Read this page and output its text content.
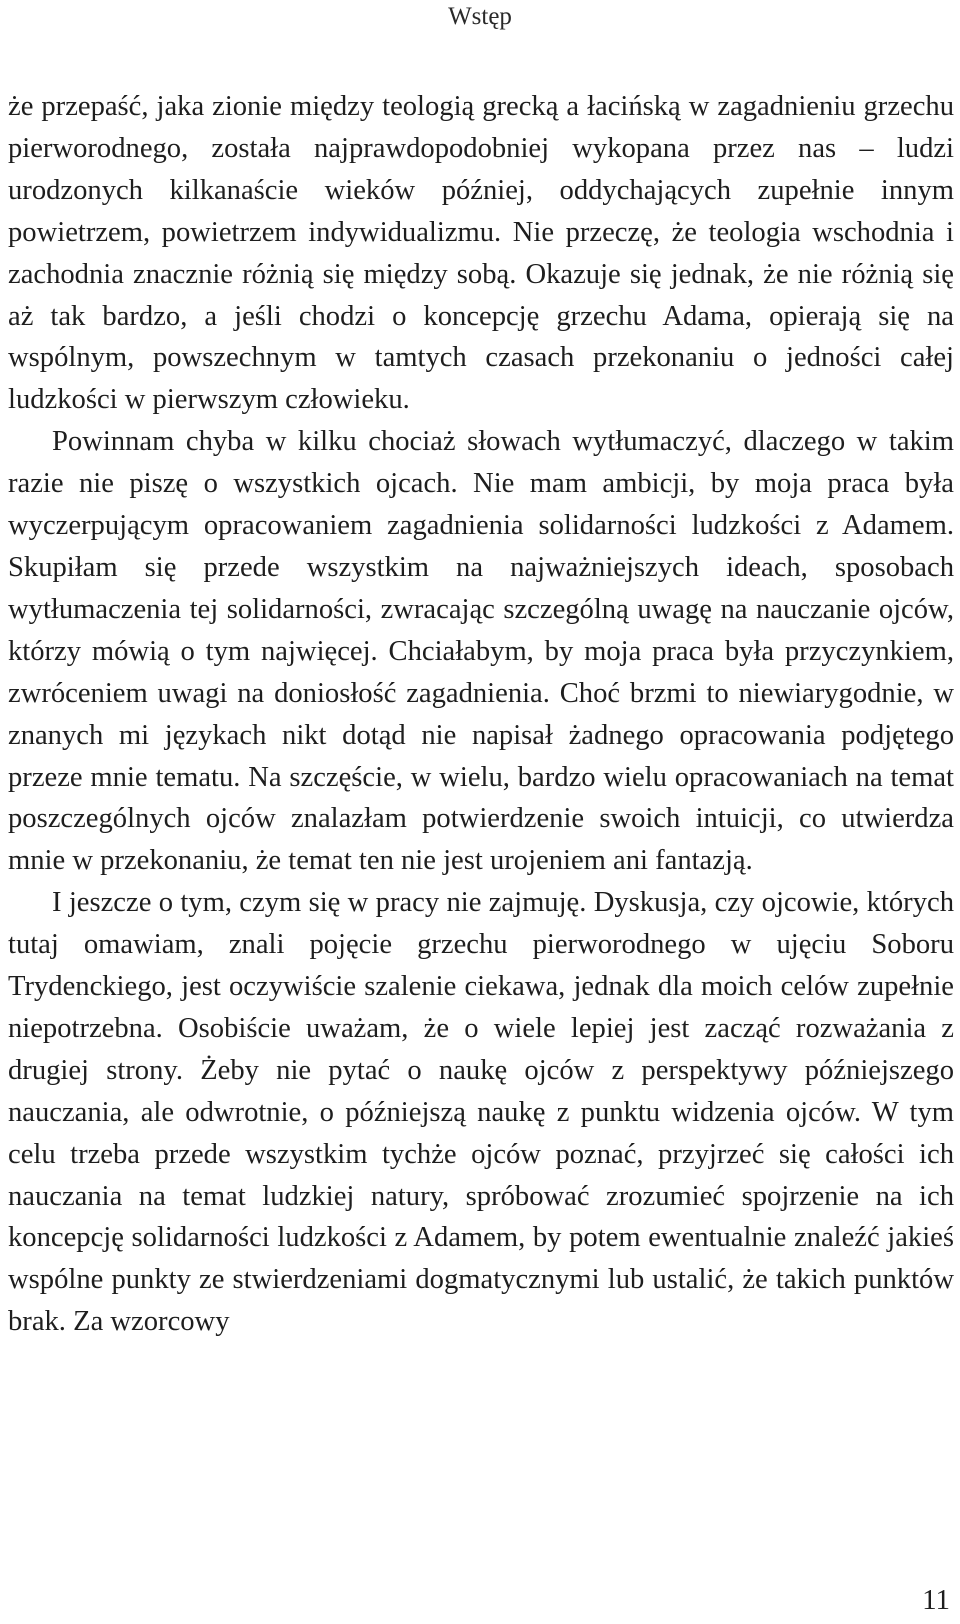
Wstęp

że przepaść, jaka zionie między teologią grecką a łacińską w zagadnieniu grzechu pierworodnego, została najprawdopodobniej wykopana przez nas – ludzi urodzonych kilkanaście wieków później, oddychających zupełnie innym powietrzem, powietrzem indywidualizmu. Nie przeczę, że teologia wschodnia i zachodnia znacznie różnią się między sobą. Okazuje się jednak, że nie różnią się aż tak bardzo, a jeśli chodzi o koncepcję grzechu Adama, opierają się na wspólnym, powszechnym w tamtych czasach przekonaniu o jedności całej ludzkości w pierwszym człowieku.

Powinnam chyba w kilku chociaż słowach wytłumaczyć, dlaczego w takim razie nie piszę o wszystkich ojcach. Nie mam ambicji, by moja praca była wyczerpującym opracowaniem zagadnienia solidarności ludzkości z Adamem. Skupiłam się przede wszystkim na najważniejszych ideach, sposobach wytłumaczenia tej solidarności, zwracając szczególną uwagę na nauczanie ojców, którzy mówią o tym najwięcej. Chciałabym, by moja praca była przyczynkiem, zwróceniem uwagi na doniosłość zagadnienia. Choć brzmi to niewiarygodnie, w znanych mi językach nikt dotąd nie napisał żadnego opracowania podjętego przeze mnie tematu. Na szczęście, w wielu, bardzo wielu opracowaniach na temat poszczególnych ojców znalazłam potwierdzenie swoich intuicji, co utwierdza mnie w przekonaniu, że temat ten nie jest urojeniem ani fantazją.

I jeszcze o tym, czym się w pracy nie zajmuję. Dyskusja, czy ojcowie, których tutaj omawiam, znali pojęcie grzechu pierworodnego w ujęciu Soboru Trydenckiego, jest oczywiście szalenie ciekawa, jednak dla moich celów zupełnie niepotrzebna. Osobiście uważam, że o wiele lepiej jest zacząć rozważania z drugiej strony. Żeby nie pytać o naukę ojców z perspektywy późniejszego nauczania, ale odwrotnie, o późniejszą naukę z punktu widzenia ojców. W tym celu trzeba przede wszystkim tychże ojców poznać, przyjrzeć się całości ich nauczania na temat ludzkiej natury, spróbować zrozumieć spojrzenie na ich koncepcję solidarności ludzkości z Adamem, by potem ewentualnie znaleźć jakieś wspólne punkty ze stwierdzeniami dogmatycznymi lub ustalić, że takich punktów brak. Za wzorcowy

11
